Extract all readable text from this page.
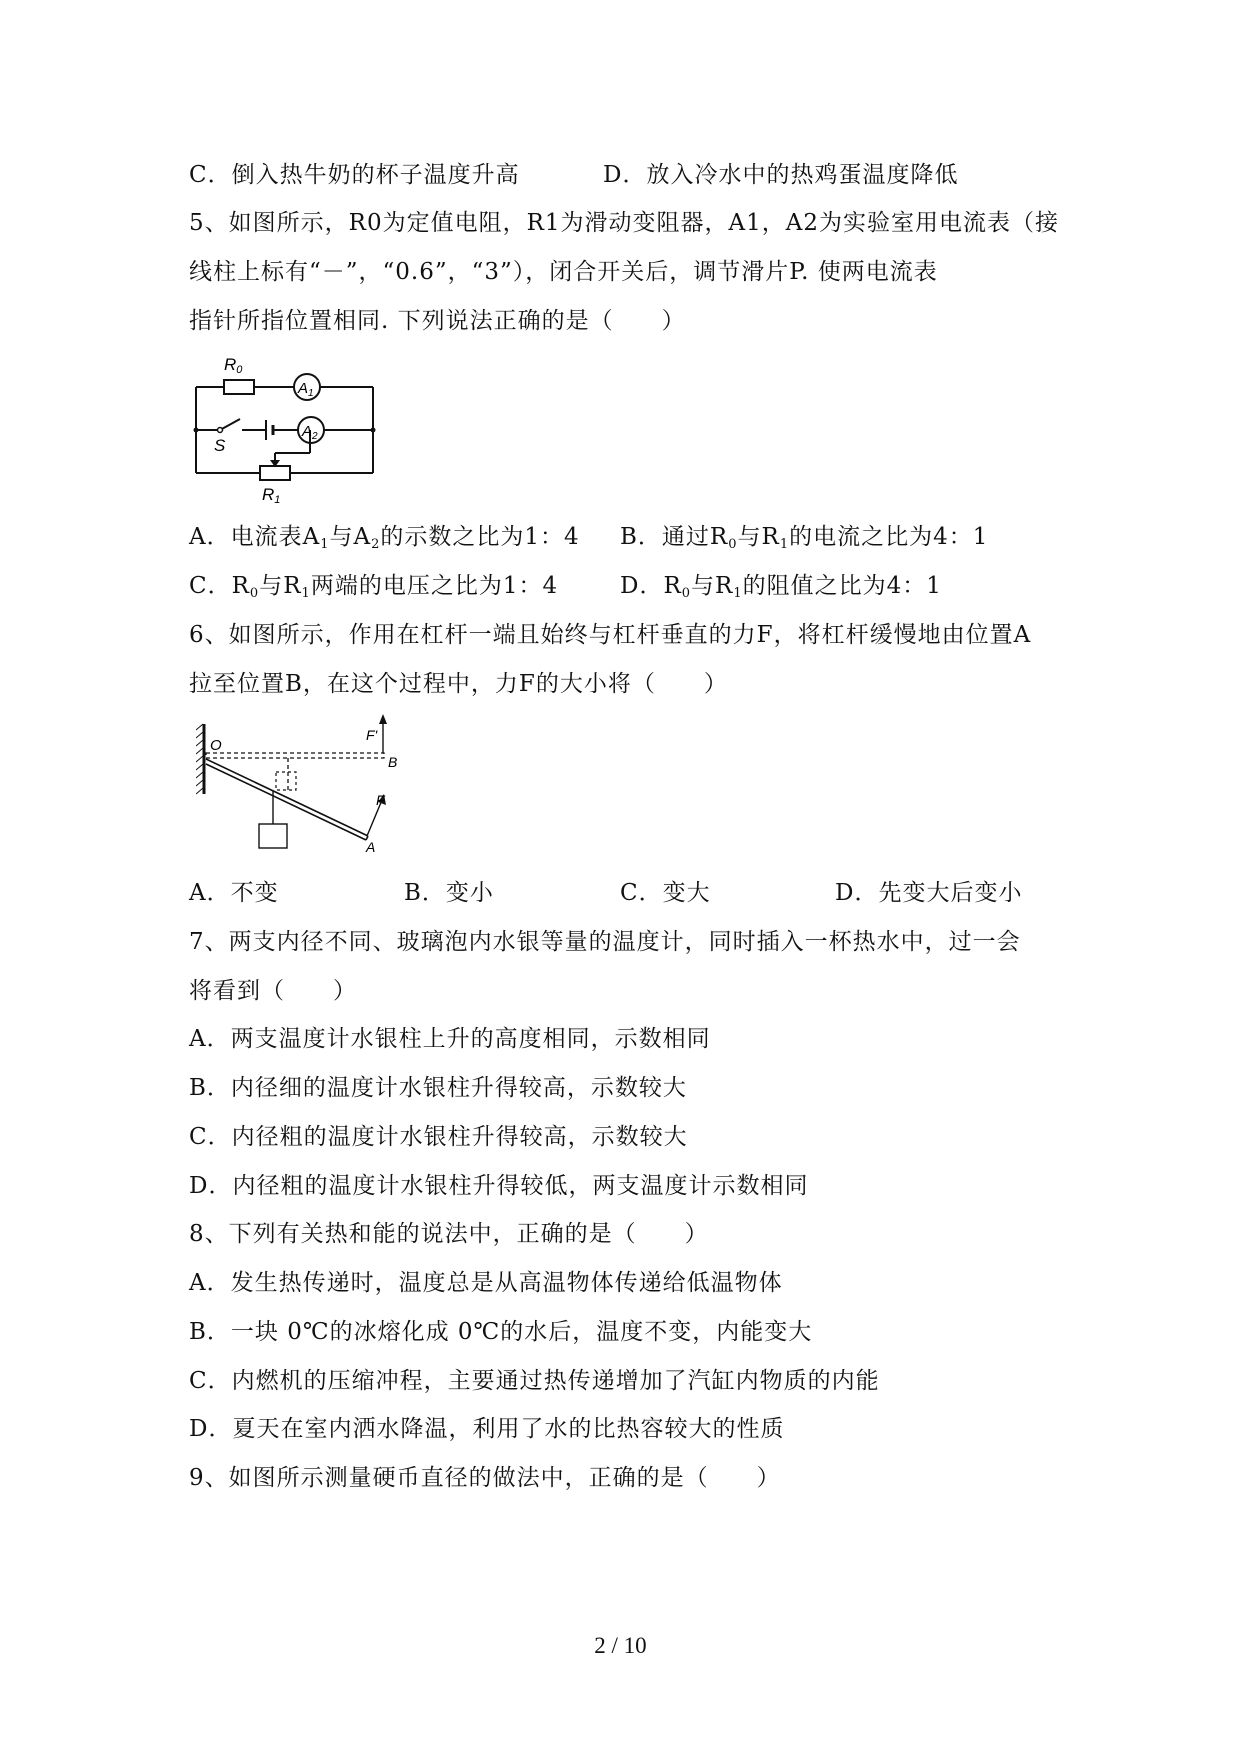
C．倒入热牛奶的杯子温度升高	D．放入冷水中的热鸡蛋温度降低
5、如图所示，R0为定值电阻，R1为滑动变阻器，A1，A2为实验室用电流表（接
线柱上标有“－”，“0.6”，“3”），闭合开关后，调节滑片P. 使两电流表
指针所指位置相同. 下列说法正确的是（　　）
R0
$A_1$
$A_2$
S
R1
A．电流表$A_1$与$A_2$的示数之比为1：4 B．通过$R_0$与$R_1$的电流之比为4：1
C．$R_0$与$R_1$两端的电压之比为1：4	D．$R_0$与$R_1$的阻值之比为4：1
6、如图所示，作用在杠杆一端且始终与杠杆垂直的力F，将杠杆缓慢地由位置A
拉至位置B，在这个过程中，力F的大小将（　　）
O
B
A
F'
F
A．不变	B．变小	C．变大	D．先变大后变小
7、两支内径不同、玻璃泡内水银等量的温度计，同时插入一杯热水中，过一会
将看到（　　）
A．两支温度计水银柱上升的高度相同，示数相同
B．内径细的温度计水银柱升得较高，示数较大
C．内径粗的温度计水银柱升得较高，示数较大
D．内径粗的温度计水银柱升得较低，两支温度计示数相同
8、下列有关热和能的说法中，正确的是（　　）
A．发生热传递时，温度总是从高温物体传递给低温物体
B．一块 0℃的冰熔化成 0℃的水后，温度不变，内能变大
C．内燃机的压缩冲程，主要通过热传递增加了汽缸内物质的内能
D．夏天在室内洒水降温，利用了水的比热容较大的性质
9、如图所示测量硬币直径的做法中，正确的是（　　）
2 / 10
